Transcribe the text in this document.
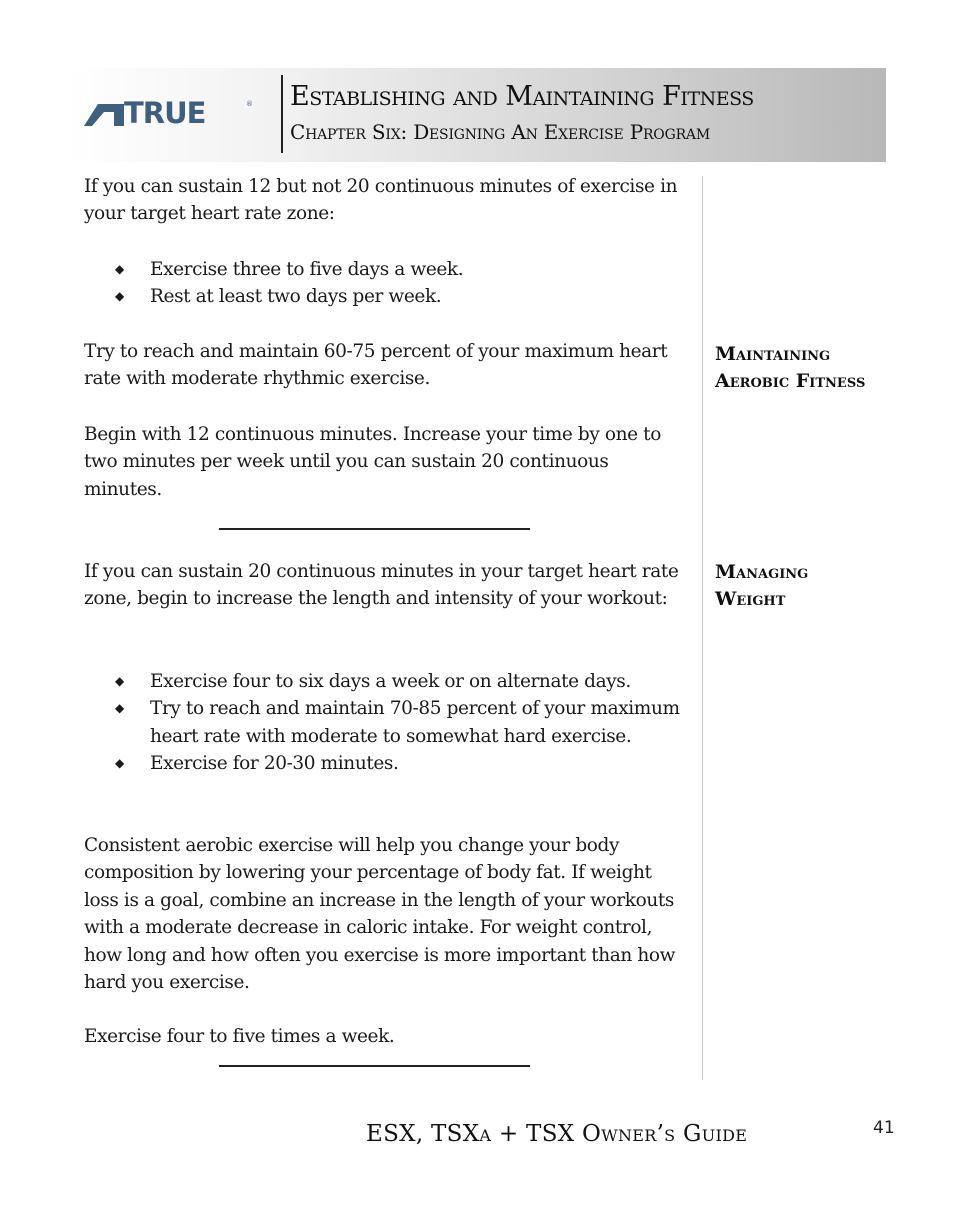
TRUE	® Establishing and Maintaining Fitness
Chapter Six: Designing An Exercise Program

If you can sustain 12 but not 20 continuous minutes of exercise in your target heart rate zone:

◆ Exercise three to five days a week.
◆ Rest at least two days per week.

Try to reach and maintain 60-75 percent of your maximum heart rate with moderate rhythmic exercise.

Begin with 12 continuous minutes. Increase your time by one to two minutes per week until you can sustain 20 continuous minutes.

If you can sustain 20 continuous minutes in your target heart rate zone, begin to increase the length and intensity of your workout:

◆ Exercise four to six days a week or on alternate days.
◆ Try to reach and maintain 70-85 percent of your maximum heart rate with moderate to somewhat hard exercise.
◆ Exercise for 20-30 minutes.

Consistent aerobic exercise will help you change your body composition by lowering your percentage of body fat. If weight loss is a goal, combine an increase in the length of your workouts with a moderate decrease in caloric intake. For weight control, how long and how often you exercise is more important than how hard you exercise.

Exercise four to five times a week.

Maintaining Aerobic Fitness

Managing Weight

ESX, TSXa + TSX Owner’s Guide	41
